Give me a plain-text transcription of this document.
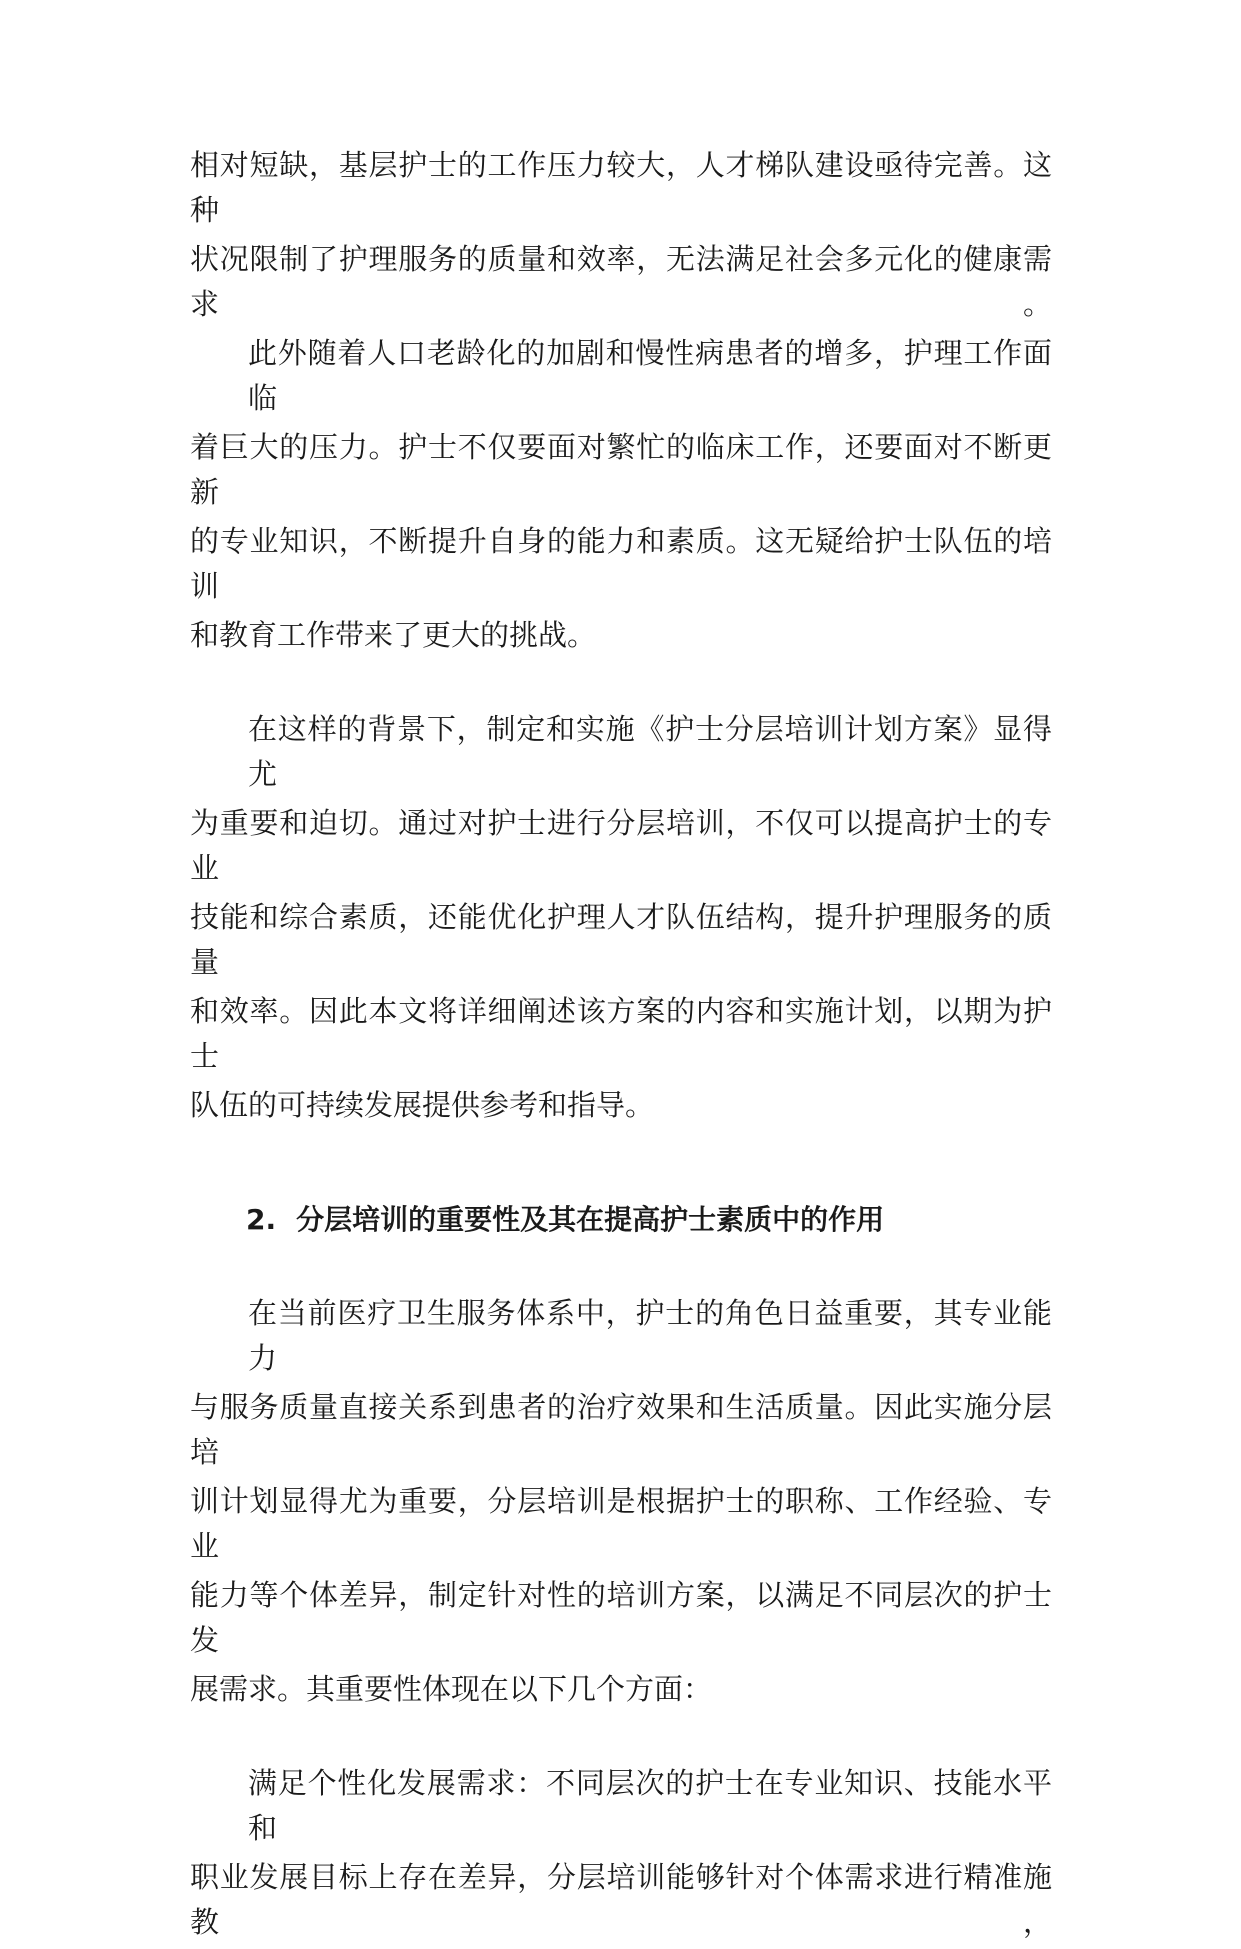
相对短缺，基层护士的工作压力较大，人才梯队建设亟待完善。这种
状况限制了护理服务的质量和效率，无法满足社会多元化的健康需求。
此外随着人口老龄化的加剧和慢性病患者的增多，护理工作面临
着巨大的压力。护士不仅要面对繁忙的临床工作，还要面对不断更新
的专业知识，不断提升自身的能力和素质。这无疑给护士队伍的培训
和教育工作带来了更大的挑战。
在这样的背景下，制定和实施《护士分层培训计划方案》显得尤
为重要和迫切。通过对护士进行分层培训，不仅可以提高护士的专业
技能和综合素质，还能优化护理人才队伍结构，提升护理服务的质量
和效率。因此本文将详细阐述该方案的内容和实施计划，以期为护士
队伍的可持续发展提供参考和指导。
2. 分层培训的重要性及其在提高护士素质中的作用
在当前医疗卫生服务体系中，护士的角色日益重要，其专业能力
与服务质量直接关系到患者的治疗效果和生活质量。因此实施分层培
训计划显得尤为重要，分层培训是根据护士的职称、工作经验、专业
能力等个体差异，制定针对性的培训方案，以满足不同层次的护士发
展需求。其重要性体现在以下几个方面：
满足个性化发展需求：不同层次的护士在专业知识、技能水平和
职业发展目标上存在差异，分层培训能够针对个体需求进行精准施教，
